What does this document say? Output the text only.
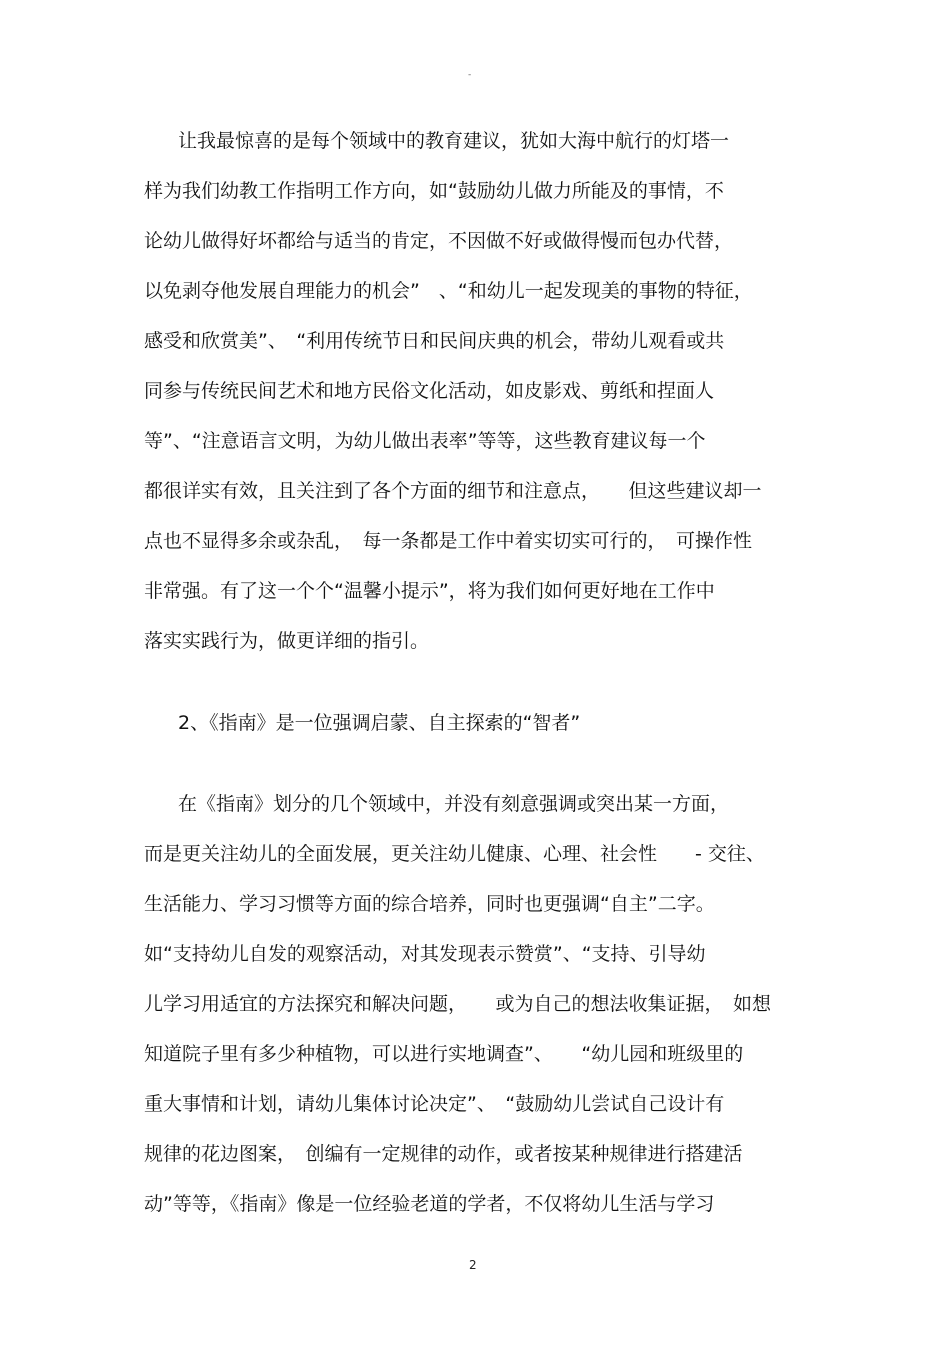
-
让我最惊喜的是每个领域中的教育建议，犹如大海中航行的灯塔一
样为我们幼教工作指明工作方向，如“鼓励幼儿做力所能及的事情，不
论幼儿做得好坏都给与适当的肯定，不因做不好或做得慢而包办代替，
以免剥夺他发展自理能力的机会”　、“和幼儿一起发现美的事物的特征，
感受和欣赏美”、　“利用传统节日和民间庆典的机会，带幼儿观看或共
同参与传统民间艺术和地方民俗文化活动，如皮影戏、剪纸和捏面人
等”、“注意语言文明，为幼儿做出表率”等等，这些教育建议每一个
都很详实有效，且关注到了各个方面的细节和注意点，　　但这些建议却一
点也不显得多余或杂乱，　每一条都是工作中着实切实可行的，　可操作性
非常强。有了这一个个“温馨小提示”，将为我们如何更好地在工作中
落实实践行为，做更详细的指引。
2、《指南》是一位强调启蒙、自主探索的“智者”
在《指南》划分的几个领域中，并没有刻意强调或突出某一方面，
而是更关注幼儿的全面发展，更关注幼儿健康、心理、社会性　　- 交往、
生活能力、学习习惯等方面的综合培养，同时也更强调“自主”二字。
如“支持幼儿自发的观察活动，对其发现表示赞赏”、“支持、引导幼
儿学习用适宜的方法探究和解决问题，　　或为自己的想法收集证据，　如想
知道院子里有多少种植物，可以进行实地调查”、　　“幼儿园和班级里的
重大事情和计划，请幼儿集体讨论决定”、　“鼓励幼儿尝试自己设计有
规律的花边图案，　创编有一定规律的动作，或者按某种规律进行搭建活
动”等等，《指南》像是一位经验老道的学者，不仅将幼儿生活与学习
2
